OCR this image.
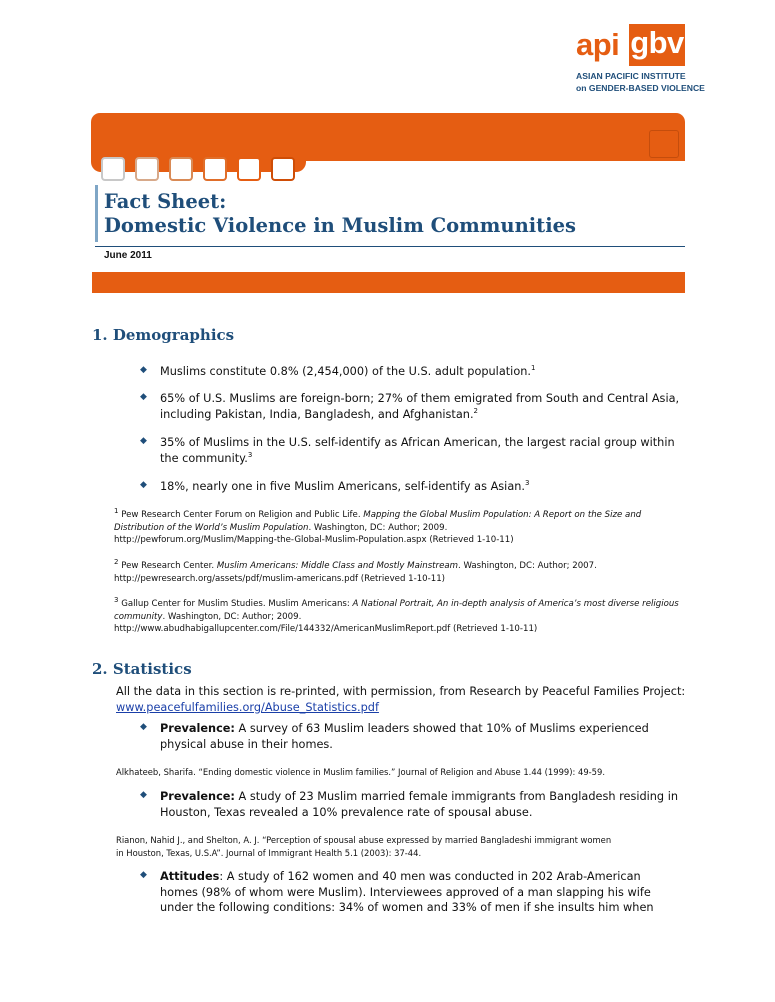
api gbv
ASIAN PACIFIC INSTITUTE
on GENDER-BASED VIOLENCE
Fact Sheet:
Domestic Violence in Muslim Communities
June 2011
1. Demographics
◆ Muslims constitute 0.8% (2,454,000) of the U.S. adult population.$^1$
◆ 65% of U.S. Muslims are foreign-born; 27% of them emigrated from South and Central Asia, including Pakistan, India, Bangladesh, and Afghanistan.$^2$
◆ 35% of Muslims in the U.S. self-identify as African American, the largest racial group within the community.$^3$
◆ 18%, nearly one in five Muslim Americans, self-identify as Asian.$^3$
$^1$ Pew Research Center Forum on Religion and Public Life. Mapping the Global Muslim Population: A Report on the Size and Distribution of the World’s Muslim Population. Washington, DC: Author; 2009.
http://pewforum.org/Muslim/Mapping-the-Global-Muslim-Population.aspx (Retrieved 1-10-11)
$^2$ Pew Research Center. Muslim Americans: Middle Class and Mostly Mainstream. Washington, DC: Author; 2007.
http://pewresearch.org/assets/pdf/muslim-americans.pdf (Retrieved 1-10-11)
$^3$ Gallup Center for Muslim Studies. Muslim Americans: A National Portrait, An in-depth analysis of America’s most diverse religious community. Washington, DC: Author; 2009.
http://www.abudhabigallupcenter.com/File/144332/AmericanMuslimReport.pdf (Retrieved 1-10-11)
2. Statistics
All the data in this section is re-printed, with permission, from Research by Peaceful Families Project: www.peacefulfamilies.org/Abuse_Statistics.pdf
◆ Prevalence: A survey of 63 Muslim leaders showed that 10% of Muslims experienced physical abuse in their homes.
Alkhateeb, Sharifa. “Ending domestic violence in Muslim families.” Journal of Religion and Abuse 1.44 (1999): 49-59.
◆ Prevalence: A study of 23 Muslim married female immigrants from Bangladesh residing in Houston, Texas revealed a 10% prevalence rate of spousal abuse.
Rianon, Nahid J., and Shelton, A. J. “Perception of spousal abuse expressed by married Bangladeshi immigrant women
in Houston, Texas, U.S.A”. Journal of Immigrant Health 5.1 (2003): 37-44.
◆ Attitudes: A study of 162 women and 40 men was conducted in 202 Arab-American homes (98% of whom were Muslim). Interviewees approved of a man slapping his wife under the following conditions: 34% of women and 33% of men if she insults him when
